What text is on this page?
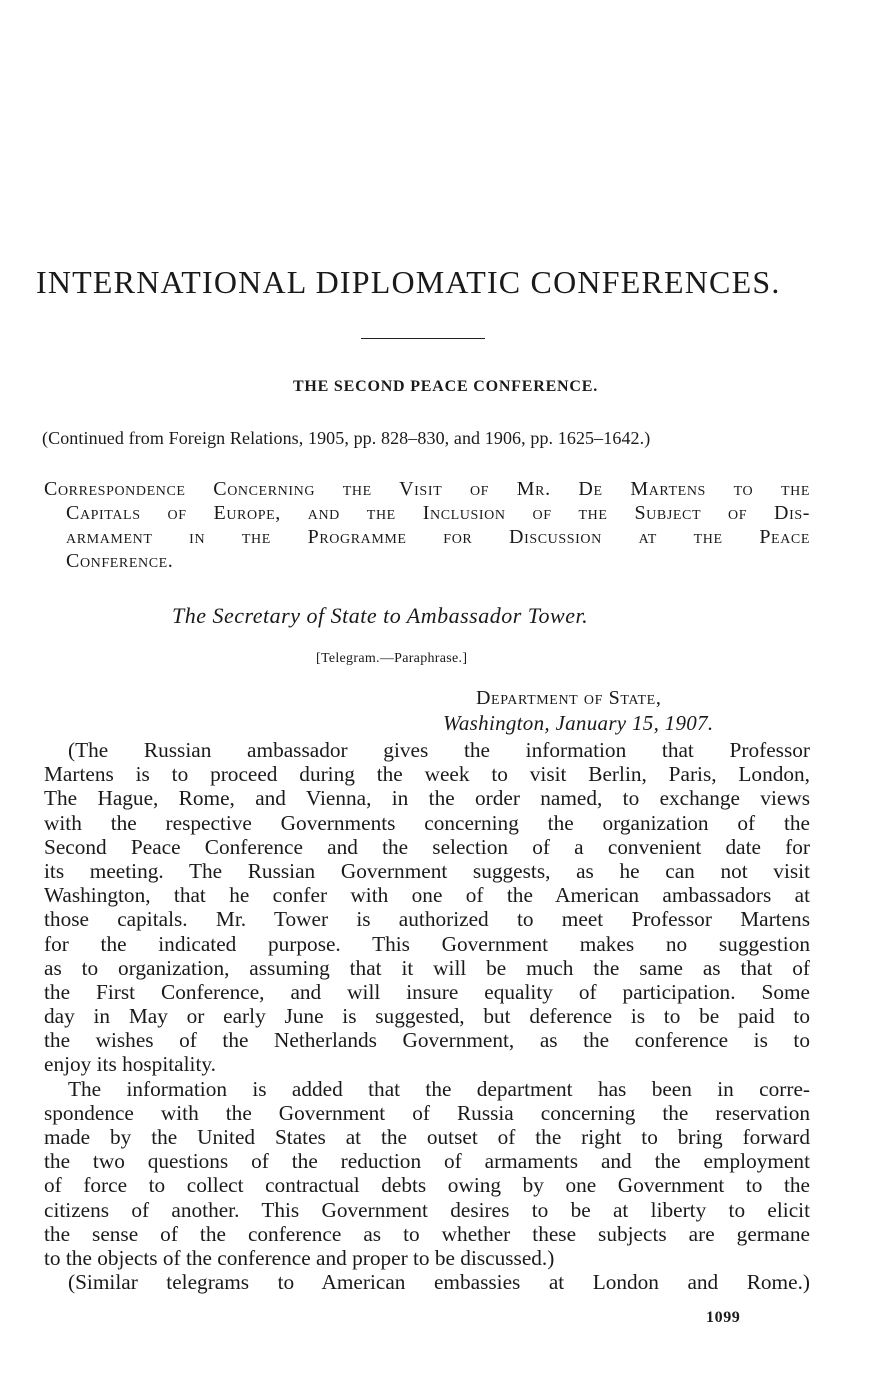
INTERNATIONAL DIPLOMATIC CONFERENCES.
THE SECOND PEACE CONFERENCE.
(Continued from Foreign Relations, 1905, pp. 828–830, and 1906, pp. 1625–1642.)
Correspondence Concerning the Visit of Mr. De Martens to the
Capitals of Europe, and the Inclusion of the Subject of Dis-
armament in the Programme for Discussion at the Peace
Conference.
The Secretary of State to Ambassador Tower.
[Telegram.—Paraphrase.]
Department of State,
Washington, January 15, 1907.
(The Russian ambassador gives the information that Professor
Martens is to proceed during the week to visit Berlin, Paris, London,
The Hague, Rome, and Vienna, in the order named, to exchange views
with the respective Governments concerning the organization of the
Second Peace Conference and the selection of a convenient date for
its meeting. The Russian Government suggests, as he can not visit
Washington, that he confer with one of the American ambassadors at
those capitals. Mr. Tower is authorized to meet Professor Martens
for the indicated purpose. This Government makes no suggestion
as to organization, assuming that it will be much the same as that of
the First Conference, and will insure equality of participation. Some
day in May or early June is suggested, but deference is to be paid to
the wishes of the Netherlands Government, as the conference is to
enjoy its hospitality.
The information is added that the department has been in corre-
spondence with the Government of Russia concerning the reservation
made by the United States at the outset of the right to bring forward
the two questions of the reduction of armaments and the employment
of force to collect contractual debts owing by one Government to the
citizens of another. This Government desires to be at liberty to elicit
the sense of the conference as to whether these subjects are germane
to the objects of the conference and proper to be discussed.)
(Similar telegrams to American embassies at London and Rome.)
1099
